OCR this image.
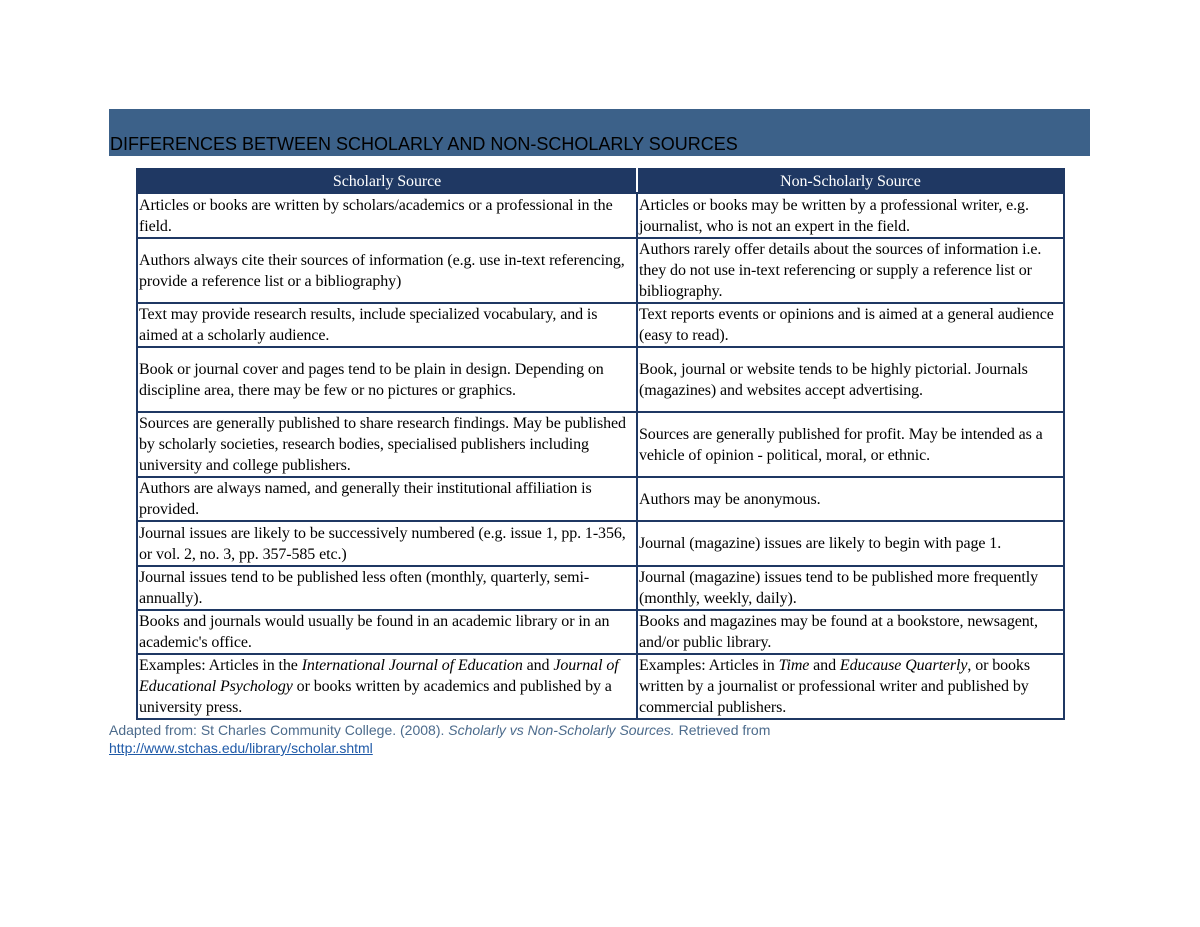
DIFFERENCES BETWEEN SCHOLARLY AND NON-SCHOLARLY SOURCES
Scholarly Source	Non-Scholarly Source
Articles or books are written by scholars/academics or a professional in the field.	Articles or books may be written by a professional writer, e.g. journalist, who is not an expert in the field.
Authors always cite their sources of information (e.g. use in-text referencing, provide a reference list or a bibliography)	Authors rarely offer details about the sources of information i.e. they do not use in-text referencing or supply a reference list or bibliography.
Text may provide research results, include specialized vocabulary, and is aimed at a scholarly audience.	Text reports events or opinions and is aimed at a general audience (easy to read).
Book or journal cover and pages tend to be plain in design. Depending on discipline area, there may be few or no pictures or graphics.	Book, journal or website tends to be highly pictorial. Journals (magazines) and websites accept advertising.
Sources are generally published to share research findings. May be published by scholarly societies, research bodies, specialised publishers including university and college publishers.	Sources are generally published for profit. May be intended as a vehicle of opinion - political, moral, or ethnic.
Authors are always named, and generally their institutional affiliation is provided.	Authors may be anonymous.
Journal issues are likely to be successively numbered (e.g. issue 1, pp. 1-356, or vol. 2, no. 3, pp. 357-585 etc.)	Journal (magazine) issues are likely to begin with page 1.
Journal issues tend to be published less often (monthly, quarterly, semi-annually).	Journal (magazine) issues tend to be published more frequently (monthly, weekly, daily).
Books and journals would usually be found in an academic library or in an academic's office.	Books and magazines may be found at a bookstore, newsagent, and/or public library.
Examples: Articles in the International Journal of Education and Journal of Educational Psychology or books written by academics and published by a university press.	Examples: Articles in Time and Educause Quarterly, or books written by a journalist or professional writer and published by commercial publishers.
Adapted from: St Charles Community College. (2008). Scholarly vs Non-Scholarly Sources. Retrieved from
http://www.stchas.edu/library/scholar.shtml
